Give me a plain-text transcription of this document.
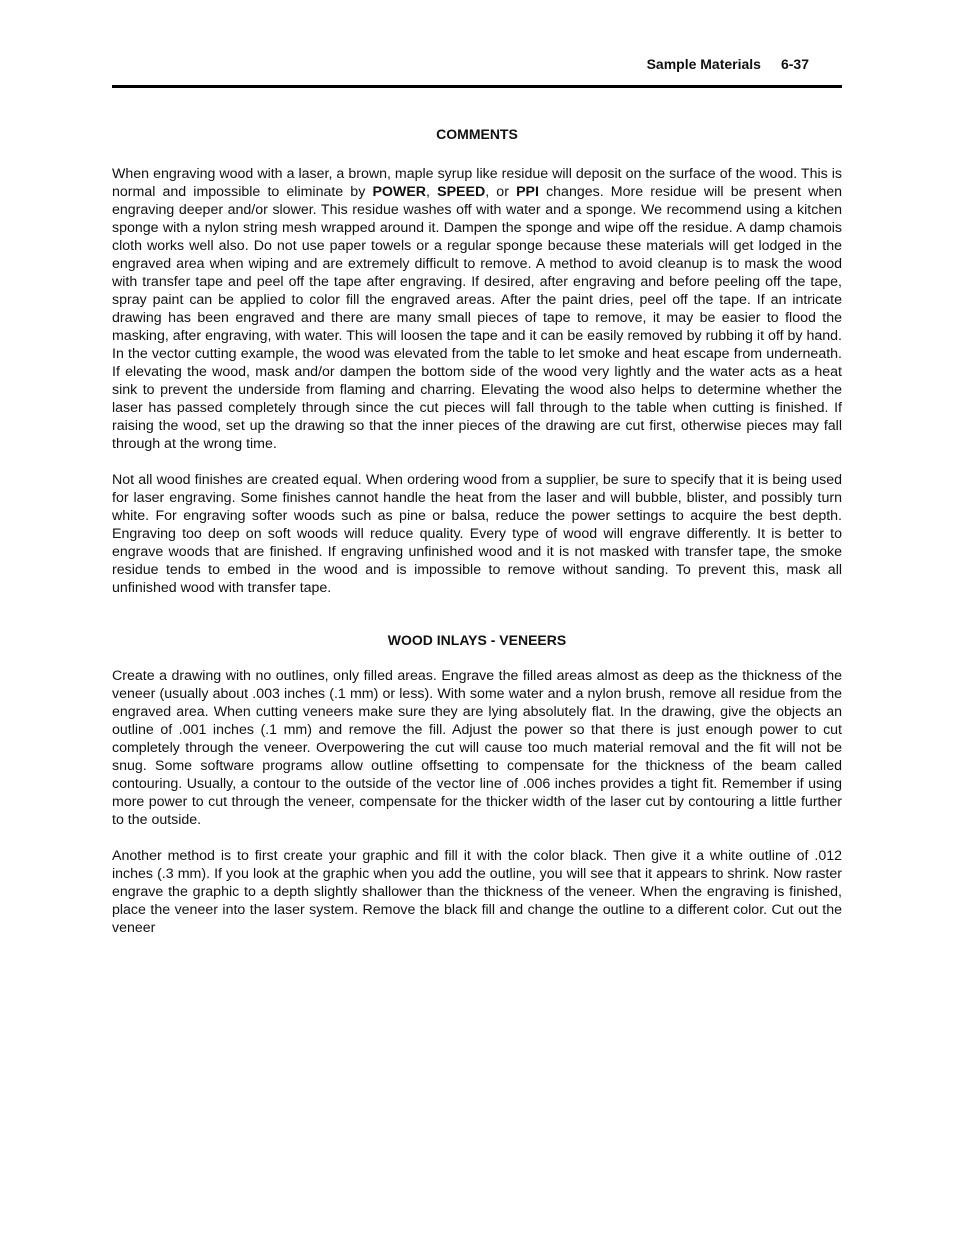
Sample Materials 6-37
COMMENTS

When engraving wood with a laser, a brown, maple syrup like residue will deposit on the surface of the wood. This is normal and impossible to eliminate by POWER, SPEED, or PPI changes. More residue will be present when engraving deeper and/or slower. This residue washes off with water and a sponge. We recommend using a kitchen sponge with a nylon string mesh wrapped around it. Dampen the sponge and wipe off the residue. A damp chamois cloth works well also. Do not use paper towels or a regular sponge because these materials will get lodged in the engraved area when wiping and are extremely difficult to remove. A method to avoid cleanup is to mask the wood with transfer tape and peel off the tape after engraving. If desired, after engraving and before peeling off the tape, spray paint can be applied to color fill the engraved areas. After the paint dries, peel off the tape. If an intricate drawing has been engraved and there are many small pieces of tape to remove, it may be easier to flood the masking, after engraving, with water. This will loosen the tape and it can be easily removed by rubbing it off by hand. In the vector cutting example, the wood was elevated from the table to let smoke and heat escape from underneath. If elevating the wood, mask and/or dampen the bottom side of the wood very lightly and the water acts as a heat sink to prevent the underside from flaming and charring. Elevating the wood also helps to determine whether the laser has passed completely through since the cut pieces will fall through to the table when cutting is finished. If raising the wood, set up the drawing so that the inner pieces of the drawing are cut first, otherwise pieces may fall through at the wrong time.

Not all wood finishes are created equal. When ordering wood from a supplier, be sure to specify that it is being used for laser engraving. Some finishes cannot handle the heat from the laser and will bubble, blister, and possibly turn white. For engraving softer woods such as pine or balsa, reduce the power settings to acquire the best depth. Engraving too deep on soft woods will reduce quality. Every type of wood will engrave differently. It is better to engrave woods that are finished. If engraving unfinished wood and it is not masked with transfer tape, the smoke residue tends to embed in the wood and is impossible to remove without sanding. To prevent this, mask all unfinished wood with transfer tape.

WOOD INLAYS - VENEERS

Create a drawing with no outlines, only filled areas. Engrave the filled areas almost as deep as the thickness of the veneer (usually about .003 inches (.1 mm) or less). With some water and a nylon brush, remove all residue from the engraved area. When cutting veneers make sure they are lying absolutely flat. In the drawing, give the objects an outline of .001 inches (.1 mm) and remove the fill. Adjust the power so that there is just enough power to cut completely through the veneer. Overpowering the cut will cause too much material removal and the fit will not be snug. Some software programs allow outline offsetting to compensate for the thickness of the beam called contouring. Usually, a contour to the outside of the vector line of .006 inches provides a tight fit. Remember if using more power to cut through the veneer, compensate for the thicker width of the laser cut by contouring a little further to the outside.

Another method is to first create your graphic and fill it with the color black. Then give it a white outline of .012 inches (.3 mm). If you look at the graphic when you add the outline, you will see that it appears to shrink. Now raster engrave the graphic to a depth slightly shallower than the thickness of the veneer. When the engraving is finished, place the veneer into the laser system. Remove the black fill and change the outline to a different color. Cut out the veneer
